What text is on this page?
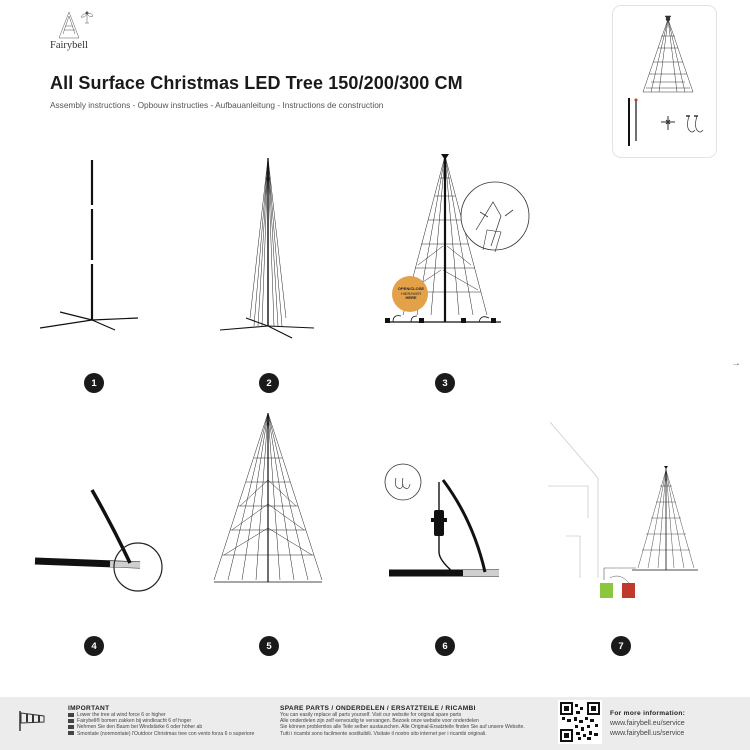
Fairybell
All Surface Christmas LED Tree 150/200/300 CM
Assembly instructions - Opbouw instructies - Aufbauanleitung - Instructions de construction
→
1	2
OPEN/CLOSE
HIER/HIER
HERE
3
4	5	6	7
IMPORTANT
Lower the tree at wind force 6 or higher
Fairybell® bomen zakken bij windkracht 6 of hoger
Nehmen Sie den Baum bei Windstärke 6 oder höher ab
Smontate (nonmontate) l'Outdoor Christmas tree con vento forza 6 o superiore
SPARE PARTS / ONDERDELEN / ERSATZTEILE / RICAMBI
You can easily replace all parts yourself. Visit our website for original spare parts
Alle onderdelen zijn zelf eenvoudig te vervangen. Bezoek onze website voor onderdelen
Sie können problemlos alle Teile selber austauschen. Alle Original-Ersatzteile finden Sie auf unsere Website.
Tutti i ricambi sono facilmente sostituibili. Visitate il nostro sito internet per i ricambi originali.
For more information:
www.fairybell.eu/service
www.fairybell.us/service
